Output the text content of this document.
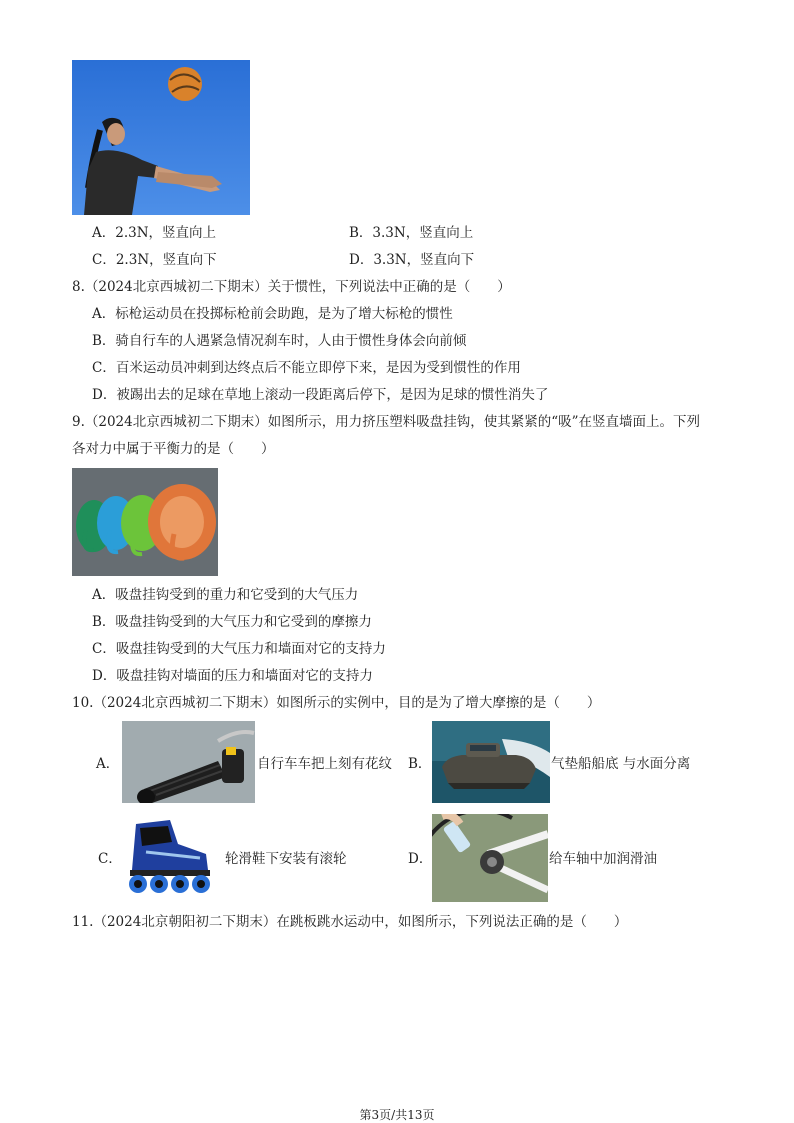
A．2.3N，竖直向上	B．3.3N，竖直向上
C．2.3N，竖直向下	D．3.3N，竖直向下
8.（2024北京西城初二下期末）关于惯性，下列说法中正确的是（　　）
A．标枪运动员在投掷标枪前会助跑，是为了增大标枪的惯性
B．骑自行车的人遇紧急情况刹车时，人由于惯性身体会向前倾
C．百米运动员冲刺到达终点后不能立即停下来，是因为受到惯性的作用
D．被踢出去的足球在草地上滚动一段距离后停下，是因为足球的惯性消失了
9.（2024北京西城初二下期末）如图所示，用力挤压塑料吸盘挂钩，使其紧紧的“吸”在竖直墙面上。下列
各对力中属于平衡力的是（　　）
A．吸盘挂钩受到的重力和它受到的大气压力
B．吸盘挂钩受到的大气压力和它受到的摩擦力
C．吸盘挂钩受到的大气压力和墙面对它的支持力
D．吸盘挂钩对墙面的压力和墙面对它的支持力
10.（2024北京西城初二下期末）如图所示的实例中，目的是为了增大摩擦的是（　　）
A．	自行车车把上刻有花纹 B．	气垫船船底 与水面分离
C．	轮滑鞋下安装有滚轮	D．	给车轴中加润滑油
11.（2024北京朝阳初二下期末）在跳板跳水运动中，如图所示，下列说法正确的是（　　）
第3页/共13页
